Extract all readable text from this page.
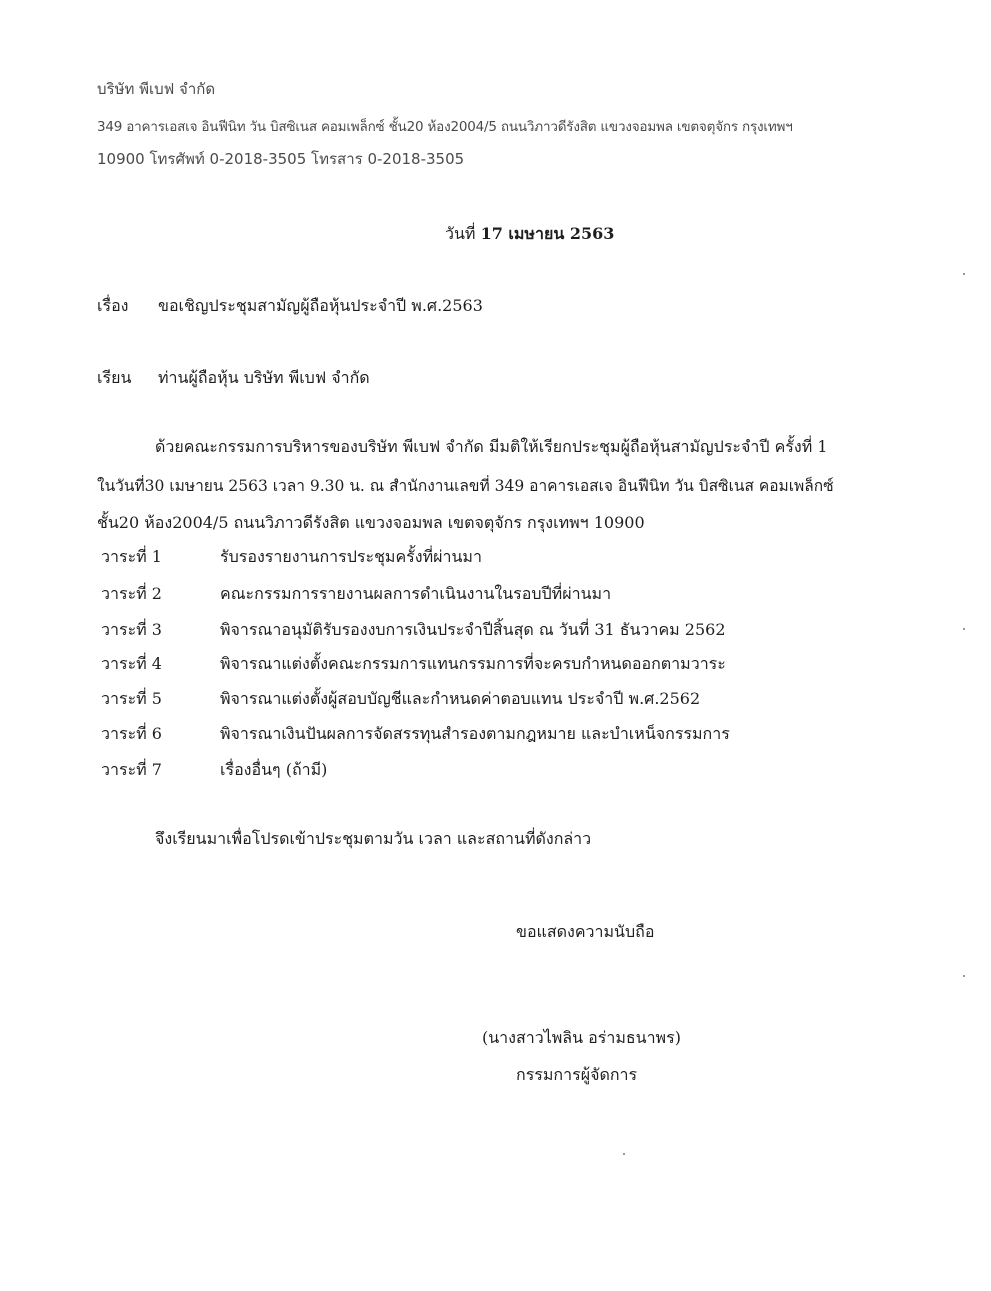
บริษัท พีเบฟ จำกัด
349 อาคารเอสเจ อินฟีนิท วัน บิสซิเนส คอมเพล็กซ์ ชั้น20 ห้อง2004/5 ถนนวิภาวดีรังสิต แขวงจอมพล เขตจตุจักร กรุงเทพฯ
10900 โทรศัพท์ 0-2018-3505 โทรสาร 0-2018-3505
วันที่ 17 เมษายน 2563
เรื่อง ขอเชิญประชุมสามัญผู้ถือหุ้นประจำปี พ.ศ.2563
เรียน ท่านผู้ถือหุ้น บริษัท พีเบฟ จำกัด
ด้วยคณะกรรมการบริหารของบริษัท พีเบฟ จำกัด มีมติให้เรียกประชุมผู้ถือหุ้นสามัญประจำปี ครั้งที่ 1
ในวันที่30 เมษายน 2563 เวลา 9.30 น. ณ สำนักงานเลขที่ 349 อาคารเอสเจ อินฟีนิท วัน บิสซิเนส คอมเพล็กซ์
ชั้น20 ห้อง2004/5 ถนนวิภาวดีรังสิต แขวงจอมพล เขตจตุจักร กรุงเทพฯ 10900
วาระที่ 1	รับรองรายงานการประชุมครั้งที่ผ่านมา
วาระที่ 2	คณะกรรมการรายงานผลการดำเนินงานในรอบปีที่ผ่านมา
วาระที่ 3	พิจารณาอนุมัติรับรองงบการเงินประจำปีสิ้นสุด ณ วันที่ 31 ธันวาคม 2562
วาระที่ 4	พิจารณาแต่งตั้งคณะกรรมการแทนกรรมการที่จะครบกำหนดออกตามวาระ
วาระที่ 5	พิจารณาแต่งตั้งผู้สอบบัญชีและกำหนดค่าตอบแทน ประจำปี พ.ศ.2562
วาระที่ 6	พิจารณาเงินปันผลการจัดสรรทุนสำรองตามกฎหมาย และบำเหน็จกรรมการ
วาระที่ 7	เรื่องอื่นๆ (ถ้ามี)
จึงเรียนมาเพื่อโปรดเข้าประชุมตามวัน เวลา และสถานที่ดังกล่าว
ขอแสดงความนับถือ
(นางสาวไพลิน อร่ามธนาพร)
กรรมการผู้จัดการ
